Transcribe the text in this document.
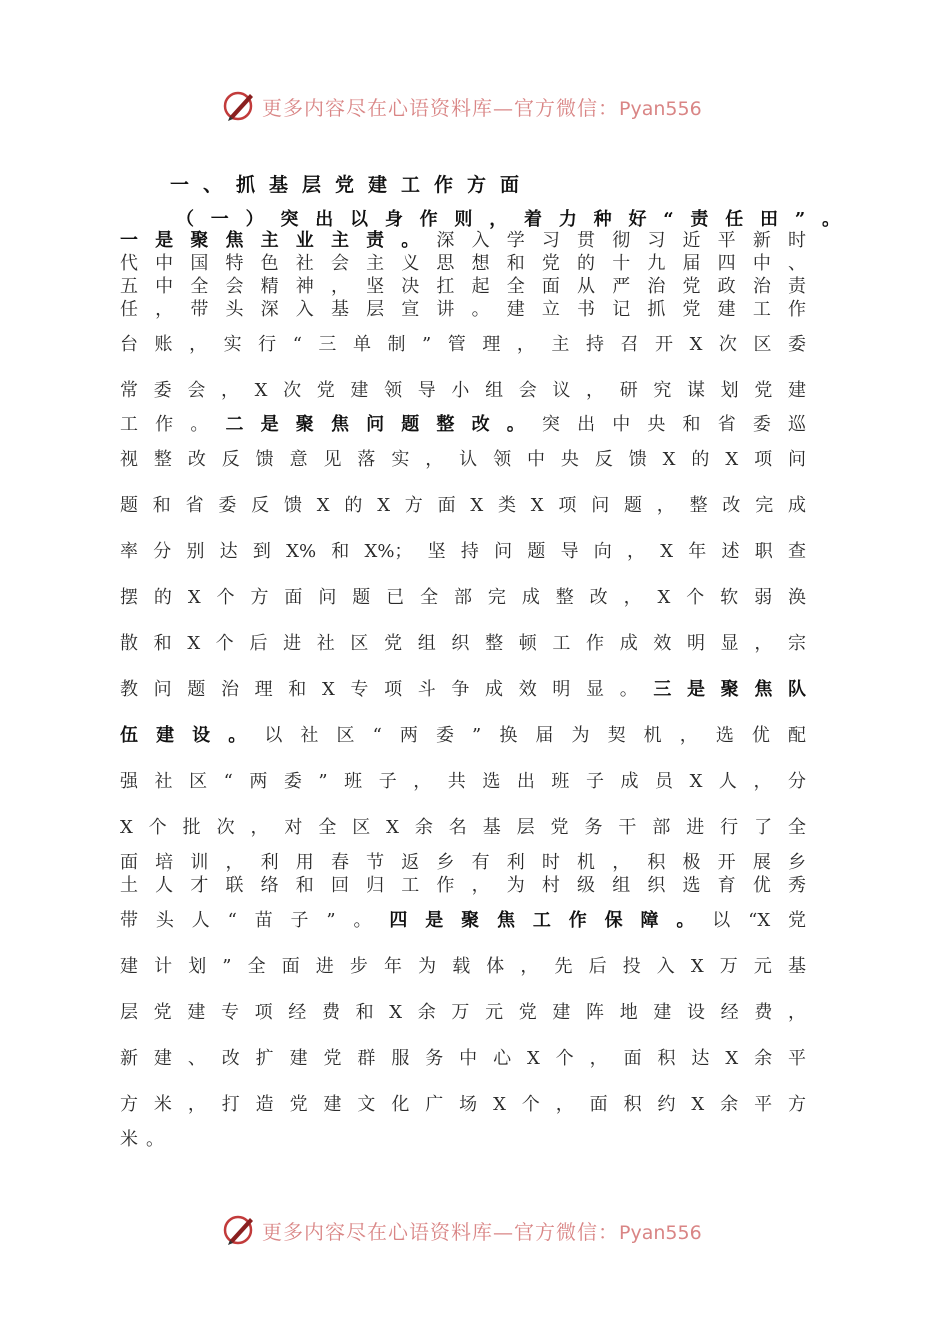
更多内容尽在心语资料库—官方微信：Pyan556
一、抓基层党建工作方面
（一）突出以身作则，着力种好“责任田”。
一是聚焦主业主责。深入学习贯彻习近平新时
代中国特色社会主义思想和党的十九届四中、
五中全会精神，坚决扛起全面从严治党政治责
任，带头深入基层宣讲。建立书记抓党建工作
台账，实行“三单制”管理，主持召开X次区委
常委会，X次党建领导小组会议，研究谋划党建
工作。二是聚焦问题整改。突出中央和省委巡
视整改反馈意见落实，认领中央反馈X的X项问
题和省委反馈X的X方面X类X项问题，整改完成
率分别达到X%和X%；坚持问题导向，X年述职查
摆的X个方面问题已全部完成整改，X个软弱涣
散和X个后进社区党组织整顿工作成效明显，宗
教问题治理和X专项斗争成效明显。三是聚焦队
伍建设。以社区“两委”换届为契机，选优配
强社区“两委”班子，共选出班子成员X人，分
X个批次，对全区X余名基层党务干部进行了全
面培训，利用春节返乡有利时机，积极开展乡
土人才联络和回归工作，为村级组织选育优秀
带头人“苗子”。四是聚焦工作保障。以“X党
建计划”全面进步年为载体，先后投入X万元基
层党建专项经费和X余万元党建阵地建设经费，
新建、改扩建党群服务中心X个，面积达X余平
方米，打造党建文化广场X个，面积约X余平方
米。
更多内容尽在心语资料库—官方微信：Pyan556
